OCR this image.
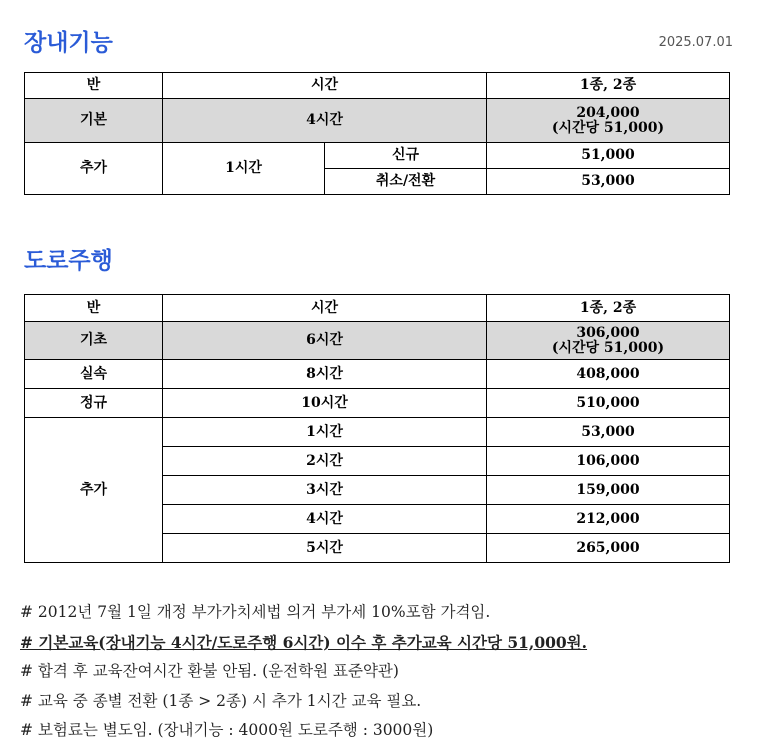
장내기능	2025.07.01
반	시간		1종, 2종
기본	4시간		204,000
(시간당 51,000)

추가	1시간	신규	51,000
		취소/전환	53,000
도로주행
반	시간	1종, 2종
기초	6시간	306,000
(시간당 51,000)

실속	8시간	408,000
정규	10시간	510,000
추가	1시간	53,000
	2시간	106,000
	3시간	159,000
	4시간	212,000
	5시간	265,000
# 2012년 7월 1일 개정 부가가치세법 의거 부가세 10%포함 가격임.
# 기본교육(장내기능 4시간/도로주행 6시간) 이수 후 추가교육 시간당 51,000원.
# 합격 후 교육잔여시간 환불 안됨. (운전학원 표준약관)
# 교육 중 종별 전환 (1종 > 2종) 시 추가 1시간 교육 필요.
# 보험료는 별도임. (장내기능 : 4000원 도로주행 : 3000원)
